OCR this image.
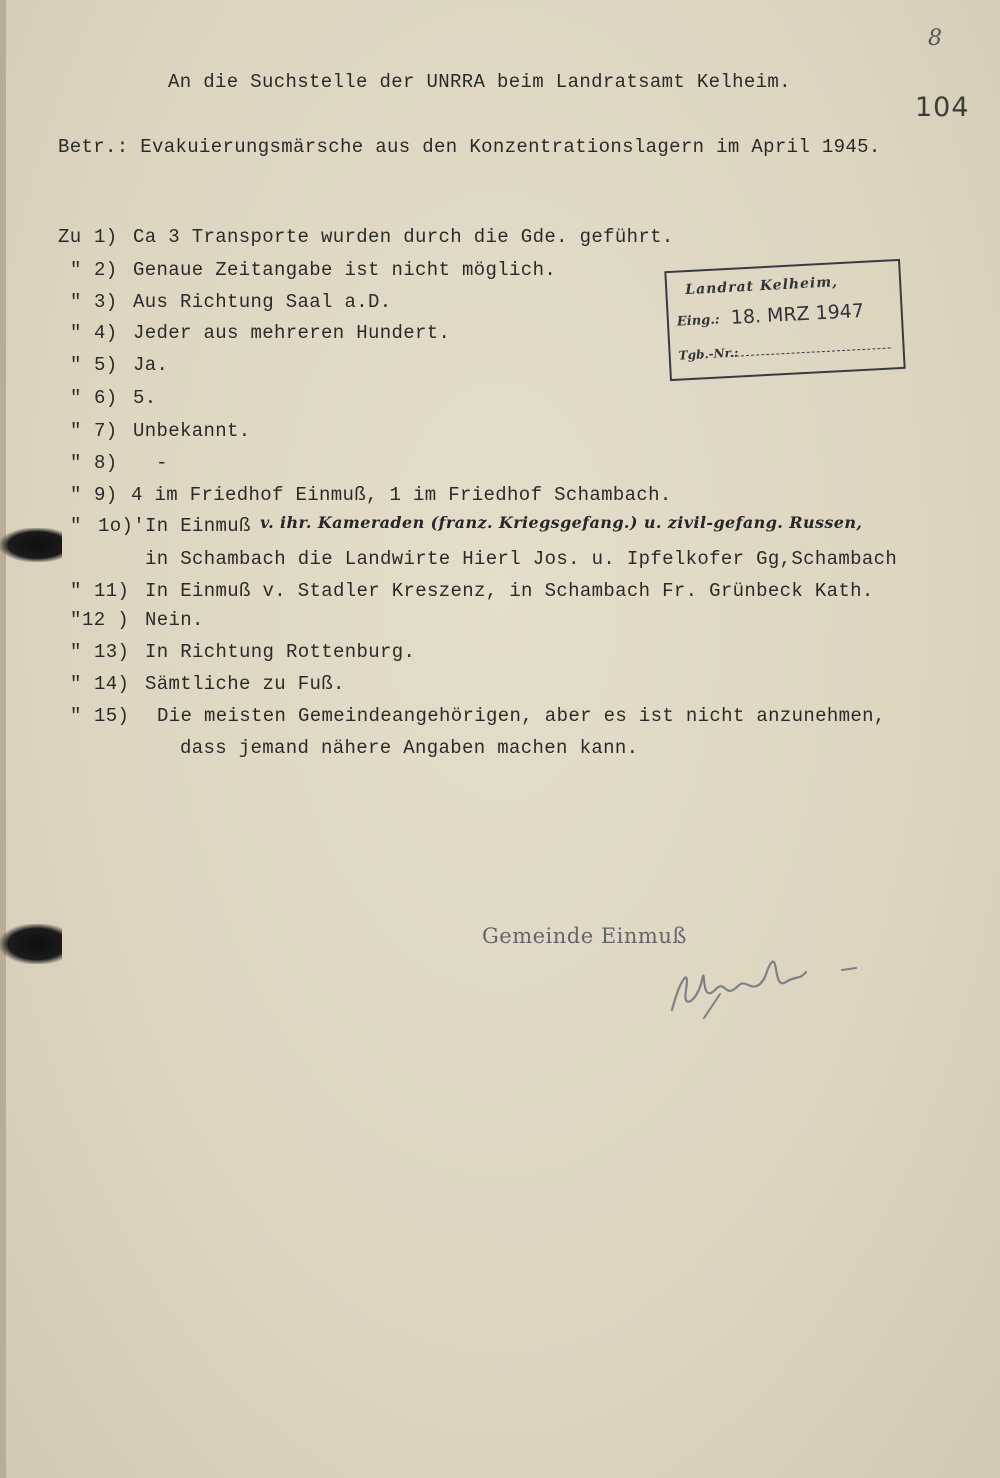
8
104
An die Suchstelle der UNRRA beim Landratsamt Kelheim.
Betr.: Evakuierungsmärsche aus den Konzentrationslagern im April 1945.
Zu 1) Ca 3 Transporte wurden durch die Gde. geführt.
" 2) Genaue Zeitangabe ist nicht möglich.
" 3) Aus Richtung Saal a.D.
" 4) Jeder aus mehreren Hundert.
" 5) Ja.
" 6) 5.
" 7) Unbekannt.
" 8) -
" 9) 4 im Friedhof Einmuß, 1 im Friedhof Schambach.
" 1o)' In Einmuß v. ihr. Kameraden (franz. Kriegsgefang.) u. zivil-gefang. Russen,
in Schambach die Landwirte Hierl Jos. u. Ipfelkofer Gg,Schambach
" 11) In Einmuß v. Stadler Kreszenz, in Schambach Fr. Grünbeck Kath.
" 12 ) Nein.
" 13) In Richtung Rottenburg.
" 14) Sämtliche zu Fuß.
" 15) Die meisten Gemeindeangehörigen, aber es ist nicht anzunehmen,
dass jemand nähere Angaben machen kann.
Landrat Kelheim,
Eing.: 18. MRZ 1947
Tgb.-Nr.:
Gemeinde Einmuß
